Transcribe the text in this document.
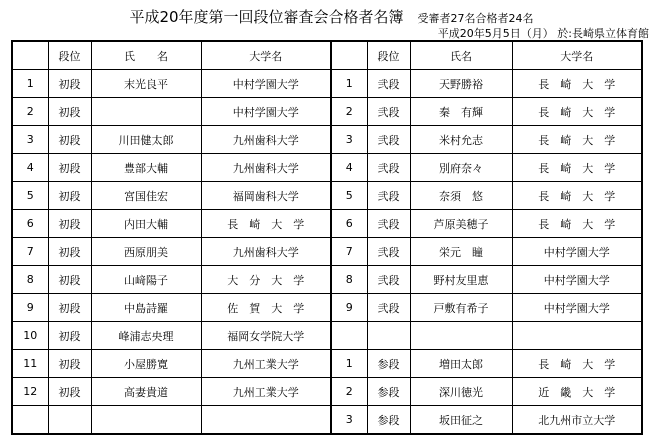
平成20年度第一回段位審査会合格者名簿 受審者27名合格者24名
平成20年5月5日（月） 於:長崎県立体育館
	段位	氏　　名	大学名		段位	氏名	大学名
1	初段	末光良平	中村学園大学	1	弐段	天野勝裕	長　崎　大　学
2	初段		中村学園大学	2	弐段	秦　有輝	長　崎　大　学
3	初段	川田健太郎	九州歯科大学	3	弐段	米村允志	長　崎　大　学
4	初段	豊部大輔	九州歯科大学	4	弐段	別府奈々	長　崎　大　学
5	初段	宮国佳宏	福岡歯科大学	5	弐段	奈須　悠	長　崎　大　学
6	初段	内田大輔	長　崎　大　学	6	弐段	芦原美穂子	長　崎　大　学
7	初段	西原朋美	九州歯科大学	7	弐段	栄元　瞳	中村学園大学
8	初段	山﨑陽子	大　分　大　学	8	弐段	野村友里恵	中村学園大学
9	初段	中島詩羅	佐　賀　大　学	9	弐段	戸敷有希子	中村学園大学
10	初段	峰浦志央理	福岡女学院大学				
11	初段	小屋勝寛	九州工業大学	1	参段	増田太郎	長　崎　大　学
12	初段	高妻貴道	九州工業大学	2	参段	深川徳光	近　畿　大　学
				3	参段	坂田征之	北九州市立大学
